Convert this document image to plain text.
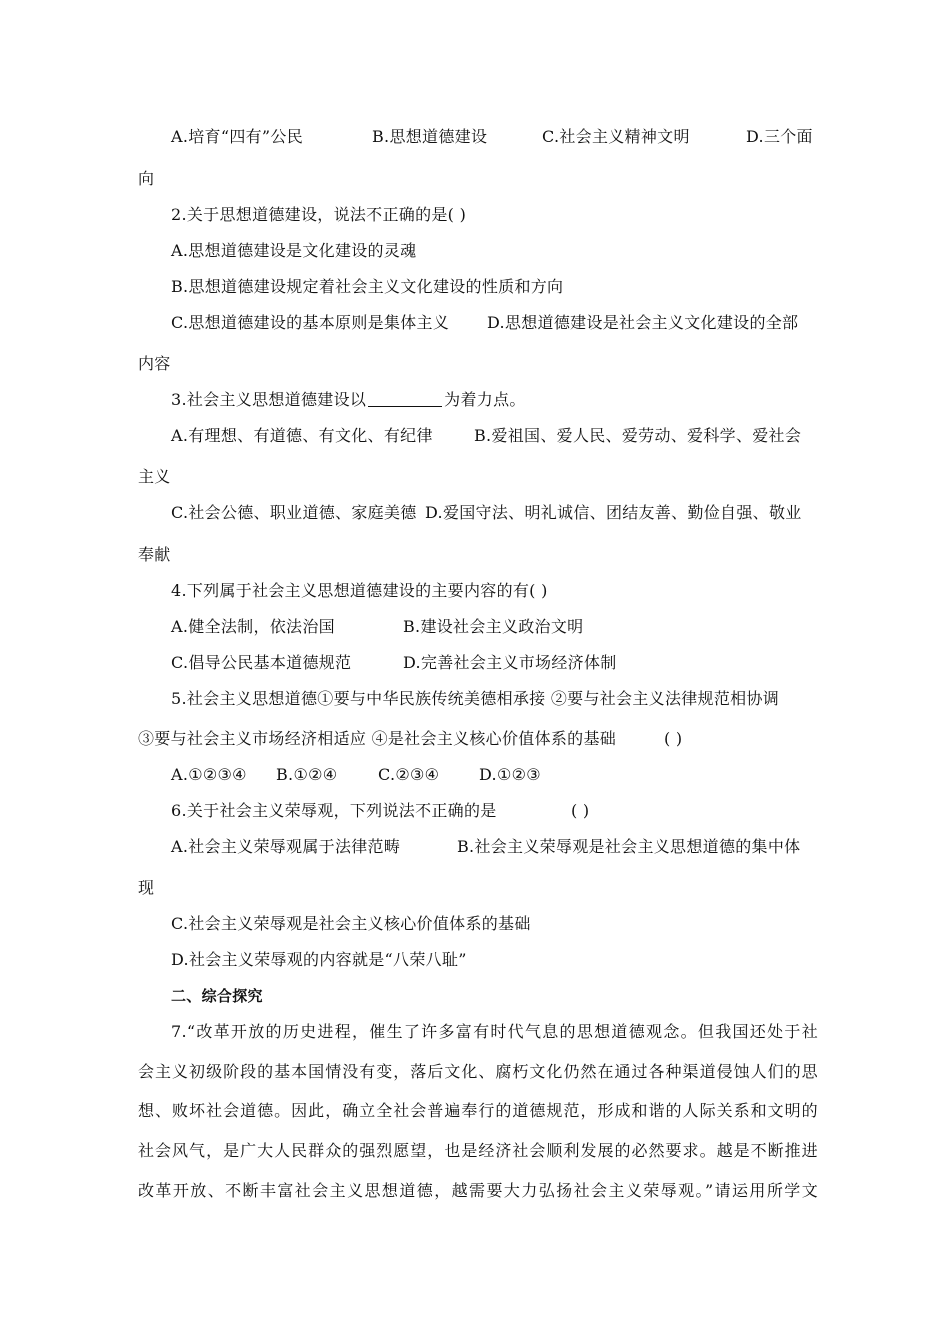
A.培育“四有”公民	B.思想道德建设	C.社会主义精神文明	D.三个面
向
2.关于思想道德建设，说法不正确的是( )
A.思想道德建设是文化建设的灵魂
B.思想道德建设规定着社会主义文化建设的性质和方向
C.思想道德建设的基本原则是集体主义 D.思想道德建设是社会主义文化建设的全部
内容
3.社会主义思想道德建设以	为着力点。
A.有理想、有道德、有文化、有纪律	B.爱祖国、爱人民、爱劳动、爱科学、爱社会
主义
C.社会公德、职业道德、家庭美德 D.爱国守法、明礼诚信、团结友善、勤俭自强、敬业
奉献
4.下列属于社会主义思想道德建设的主要内容的有( )
A.健全法制，依法治国	B.建设社会主义政治文明
C.倡导公民基本道德规范	D.完善社会主义市场经济体制
5.社会主义思想道德①要与中华民族传统美德相承接 ②要与社会主义法律规范相协调
③要与社会主义市场经济相适应 ④是社会主义核心价值体系的基础	( )
A.①②③④ B.①②④	C.②③④ D.①②③
6.关于社会主义荣辱观，下列说法不正确的是	( )
A.社会主义荣辱观属于法律范畴	B.社会主义荣辱观是社会主义思想道德的集中体
现
C.社会主义荣辱观是社会主义核心价值体系的基础
D.社会主义荣辱观的内容就是“八荣八耻”
二、综合探究
7.“改革开放的历史进程，催生了许多富有时代气息的思想道德观念。但我国还处于社
会主义初级阶段的基本国情没有变，落后文化、腐朽文化仍然在通过各种渠道侵蚀人们的思
想、败坏社会道德。因此，确立全社会普遍奉行的道德规范，形成和谐的人际关系和文明的
社会风气，是广大人民群众的强烈愿望，也是经济社会顺利发展的必然要求。越是不断推进
改革开放、不断丰富社会主义思想道德，越需要大力弘扬社会主义荣辱观。”请运用所学文
